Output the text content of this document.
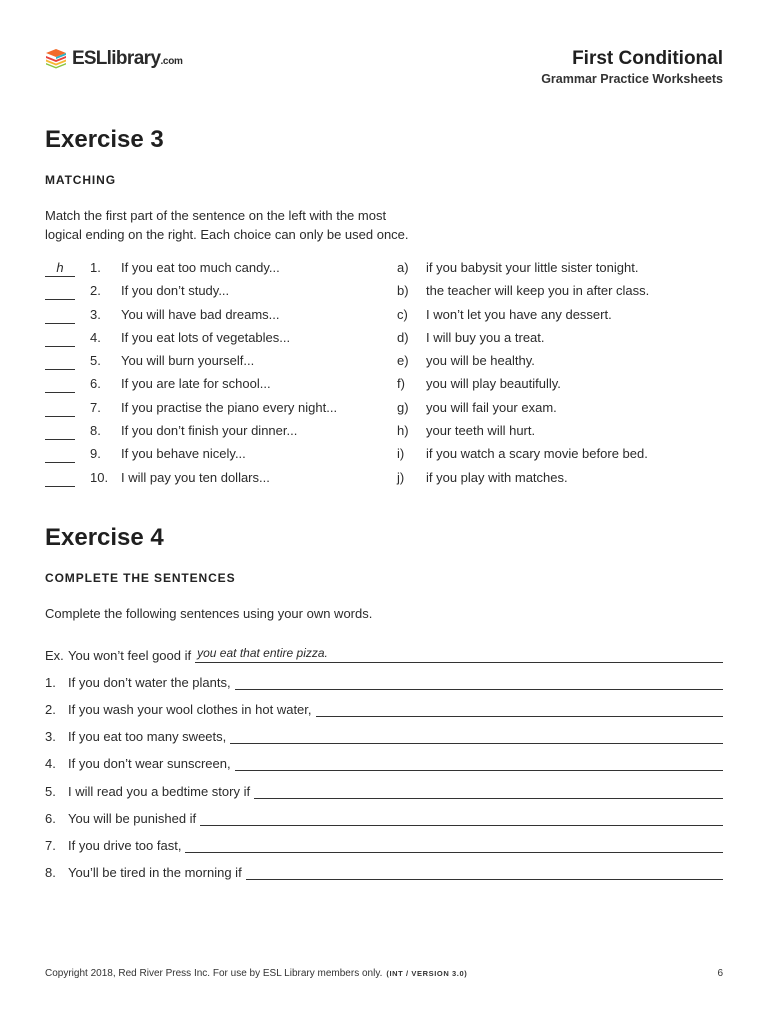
ESLlibrary.com	First Conditional
Grammar Practice Worksheets
Exercise 3
MATCHING
Match the first part of the sentence on the left with the most
logical ending on the right. Each choice can only be used once.
h	1. If you eat too much candy...	a) if you babysit your little sister tonight.
2. If you don’t study...	b) the teacher will keep you in after class.
3. You will have bad dreams...	c) I won’t let you have any dessert.
4. If you eat lots of vegetables...	d) I will buy you a treat.
5. You will burn yourself...	e) you will be healthy.
6. If you are late for school...	f) you will play beautifully.
7. If you practise the piano every night...	g) you will fail your exam.
8. If you don’t finish your dinner...	h) your teeth will hurt.
9. If you behave nicely...	i) if you watch a scary movie before bed.
10. I will pay you ten dollars...	j) if you play with matches.
Exercise 4
COMPLETE THE SENTENCES
Complete the following sentences using your own words.
Ex. You won’t feel good if you eat that entire pizza.
1. If you don’t water the plants,
2. If you wash your wool clothes in hot water,
3. If you eat too many sweets,
4. If you don’t wear sunscreen,
5. I will read you a bedtime story if
6. You will be punished if
7. If you drive too fast,
8. You’ll be tired in the morning if
Copyright 2018, Red River Press Inc. For use by ESL Library members only. (INT / VERSION 3.0)	6
